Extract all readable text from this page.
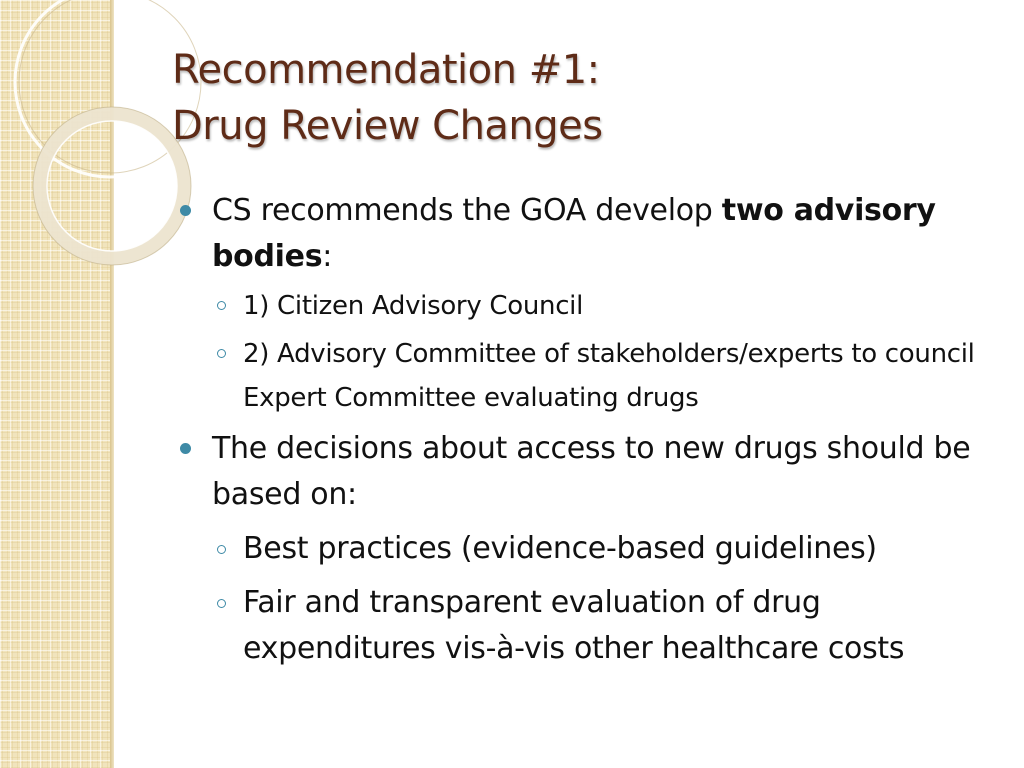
Recommendation #1:
Drug Review Changes
CS recommends the GOA develop two advisory bodies:
1) Citizen Advisory Council
2) Advisory Committee of stakeholders/experts to council Expert Committee evaluating drugs
The decisions about access to new drugs should be based on:
Best practices (evidence-based guidelines)
Fair and transparent evaluation of drug expenditures vis-à-vis other healthcare costs
